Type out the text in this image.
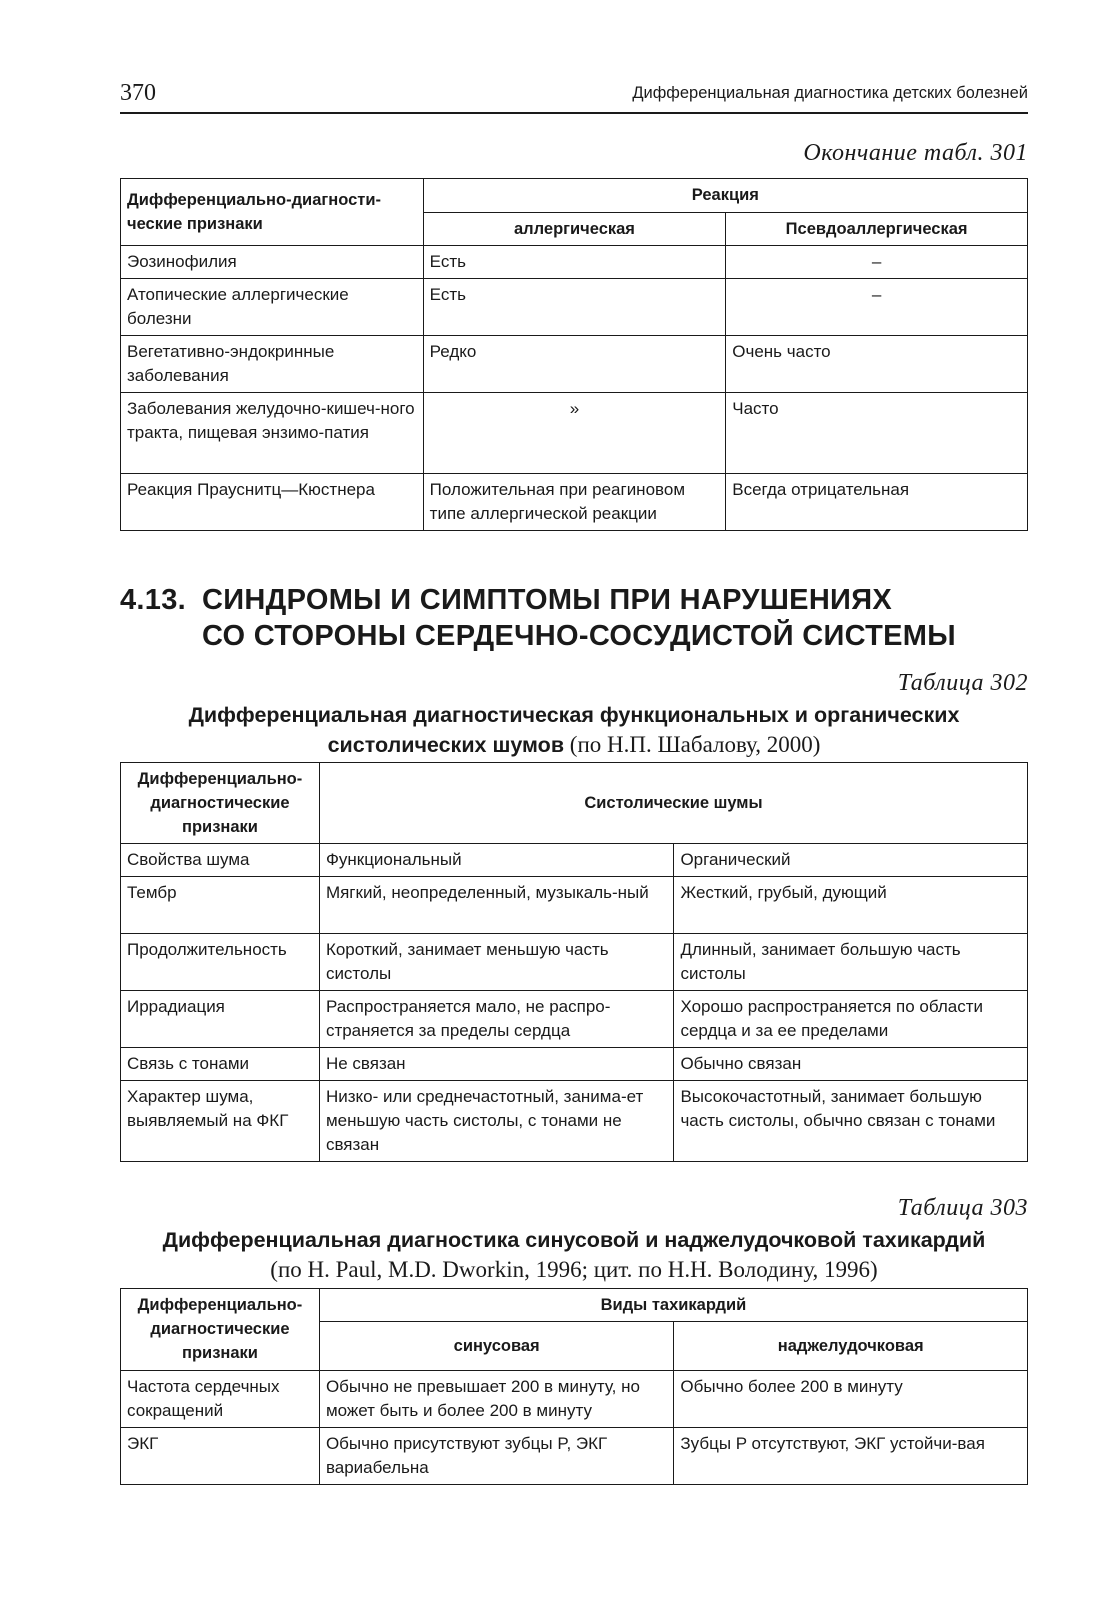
370	Дифференциальная диагностика детских болезней
Окончание табл. 301
Дифференциально-диагности-ческие признаки	Реакция	
	аллергическая	Псевдоаллергическая
Эозинофилия	Есть	–
Атопические аллергические болезни	Есть	–
Вегетативно-эндокринные заболевания	Редко	Очень часто
Заболевания желудочно-кишеч-ного тракта, пищевая энзимо-патия	»	Часто
Реакция Прауснитц—Кюстнера	Положительная при реагиновом типе аллергической реакции	Всегда отрицательная
4.13. СИНДРОМЫ И СИМПТОМЫ ПРИ НАРУШЕНИЯХ
СО СТОРОНЫ СЕРДЕЧНО-СОСУДИСТОЙ СИСТЕМЫ
Таблица 302
Дифференциальная диагностическая функциональных и органических
систолических шумов (по Н.П. Шабалову, 2000)
Дифференциально-диагностические признаки	Систолические шумы	
Свойства шума	Функциональный	Органический
Тембр	Мягкий, неопределенный, музыкаль-ный	Жесткий, грубый, дующий
Продолжительность	Короткий, занимает меньшую часть систолы	Длинный, занимает большую часть систолы
Иррадиация	Распространяется мало, не распро-страняется за пределы сердца	Хорошо распространяется по области сердца и за ее пределами
Связь с тонами	Не связан	Обычно связан
Характер шума, выявляемый на ФКГ	Низко- или среднечастотный, занима-ет меньшую часть систолы, с тонами не связан	Высокочастотный, занимает большую часть систолы, обычно связан с тонами
Таблица 303
Дифференциальная диагностика синусовой и наджелудочковой тахикардий
(по H. Paul, M.D. Dworkin, 1996; цит. по Н.Н. Володину, 1996)
Дифференциально-диагностические признаки	Виды тахикардий	
	синусовая	наджелудочковая
Частота сердечных сокращений	Обычно не превышает 200 в минуту, но может быть и более 200 в минуту	Обычно более 200 в минуту
ЭКГ	Обычно присутствуют зубцы P, ЭКГ вариабельна	Зубцы P отсутствуют, ЭКГ устойчи-вая
